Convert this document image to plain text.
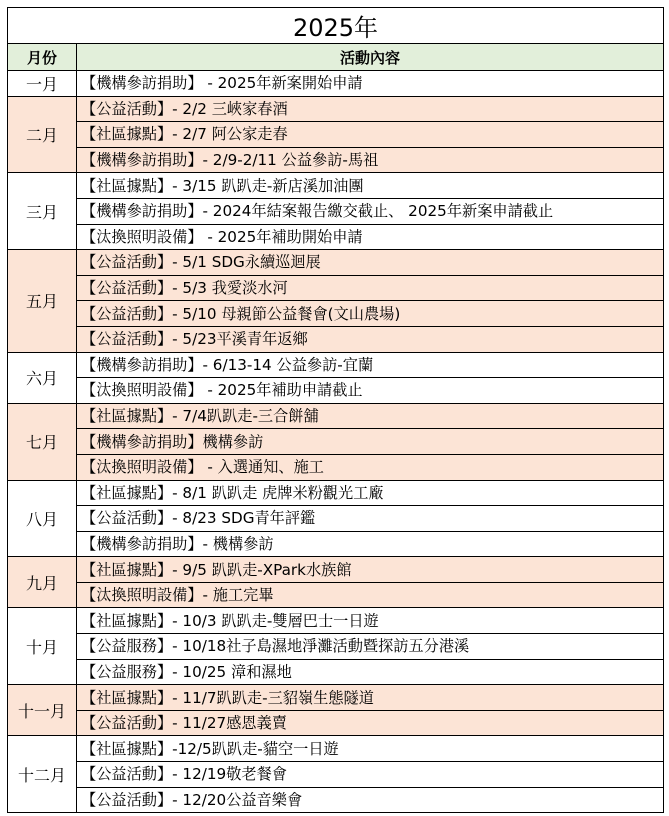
2025年	
月份	活動內容
一月	【機構參訪捐助】 - 2025年新案開始申請
二月	【公益活動】- 2/2 三峽家春酒
	【社區據點】- 2/7 阿公家走春
	【機構參訪捐助】- 2/9-2/11 公益參訪-馬祖
三月	【社區據點】- 3/15 趴趴走-新店溪加油團
	【機構參訪捐助】- 2024年結案報告繳交截止、 2025年新案申請截止
	【汰換照明設備】 - 2025年補助開始申請
五月	【公益活動】- 5/1 SDG永續巡迴展
	【公益活動】- 5/3 我愛淡水河
	【公益活動】- 5/10 母親節公益餐會(文山農場)
	【公益活動】- 5/23平溪青年返鄉
六月	【機構參訪捐助】- 6/13-14 公益參訪-宜蘭
	【汰換照明設備】 - 2025年補助申請截止
七月	【社區據點】- 7/4趴趴走-三合餅舖
	【機構參訪捐助】機構參訪
	【汰換照明設備】 - 入選通知、施工
八月	【社區據點】- 8/1 趴趴走 虎牌米粉觀光工廠
	【公益活動】- 8/23 SDG青年評鑑
	【機構參訪捐助】- 機構參訪
九月	【社區據點】- 9/5 趴趴走-XPark水族館
	【汰換照明設備】- 施工完畢
十月	【社區據點】- 10/3 趴趴走-雙層巴士一日遊
	【公益服務】- 10/18社子島濕地淨灘活動暨探訪五分港溪
	【公益服務】- 10/25 漳和濕地
十一月	【社區據點】- 11/7趴趴走-三貂嶺生態隧道
	【公益活動】- 11/27感恩義賣
十二月	【社區據點】-12/5趴趴走-貓空一日遊
	【公益活動】- 12/19敬老餐會
	【公益活動】- 12/20公益音樂會
